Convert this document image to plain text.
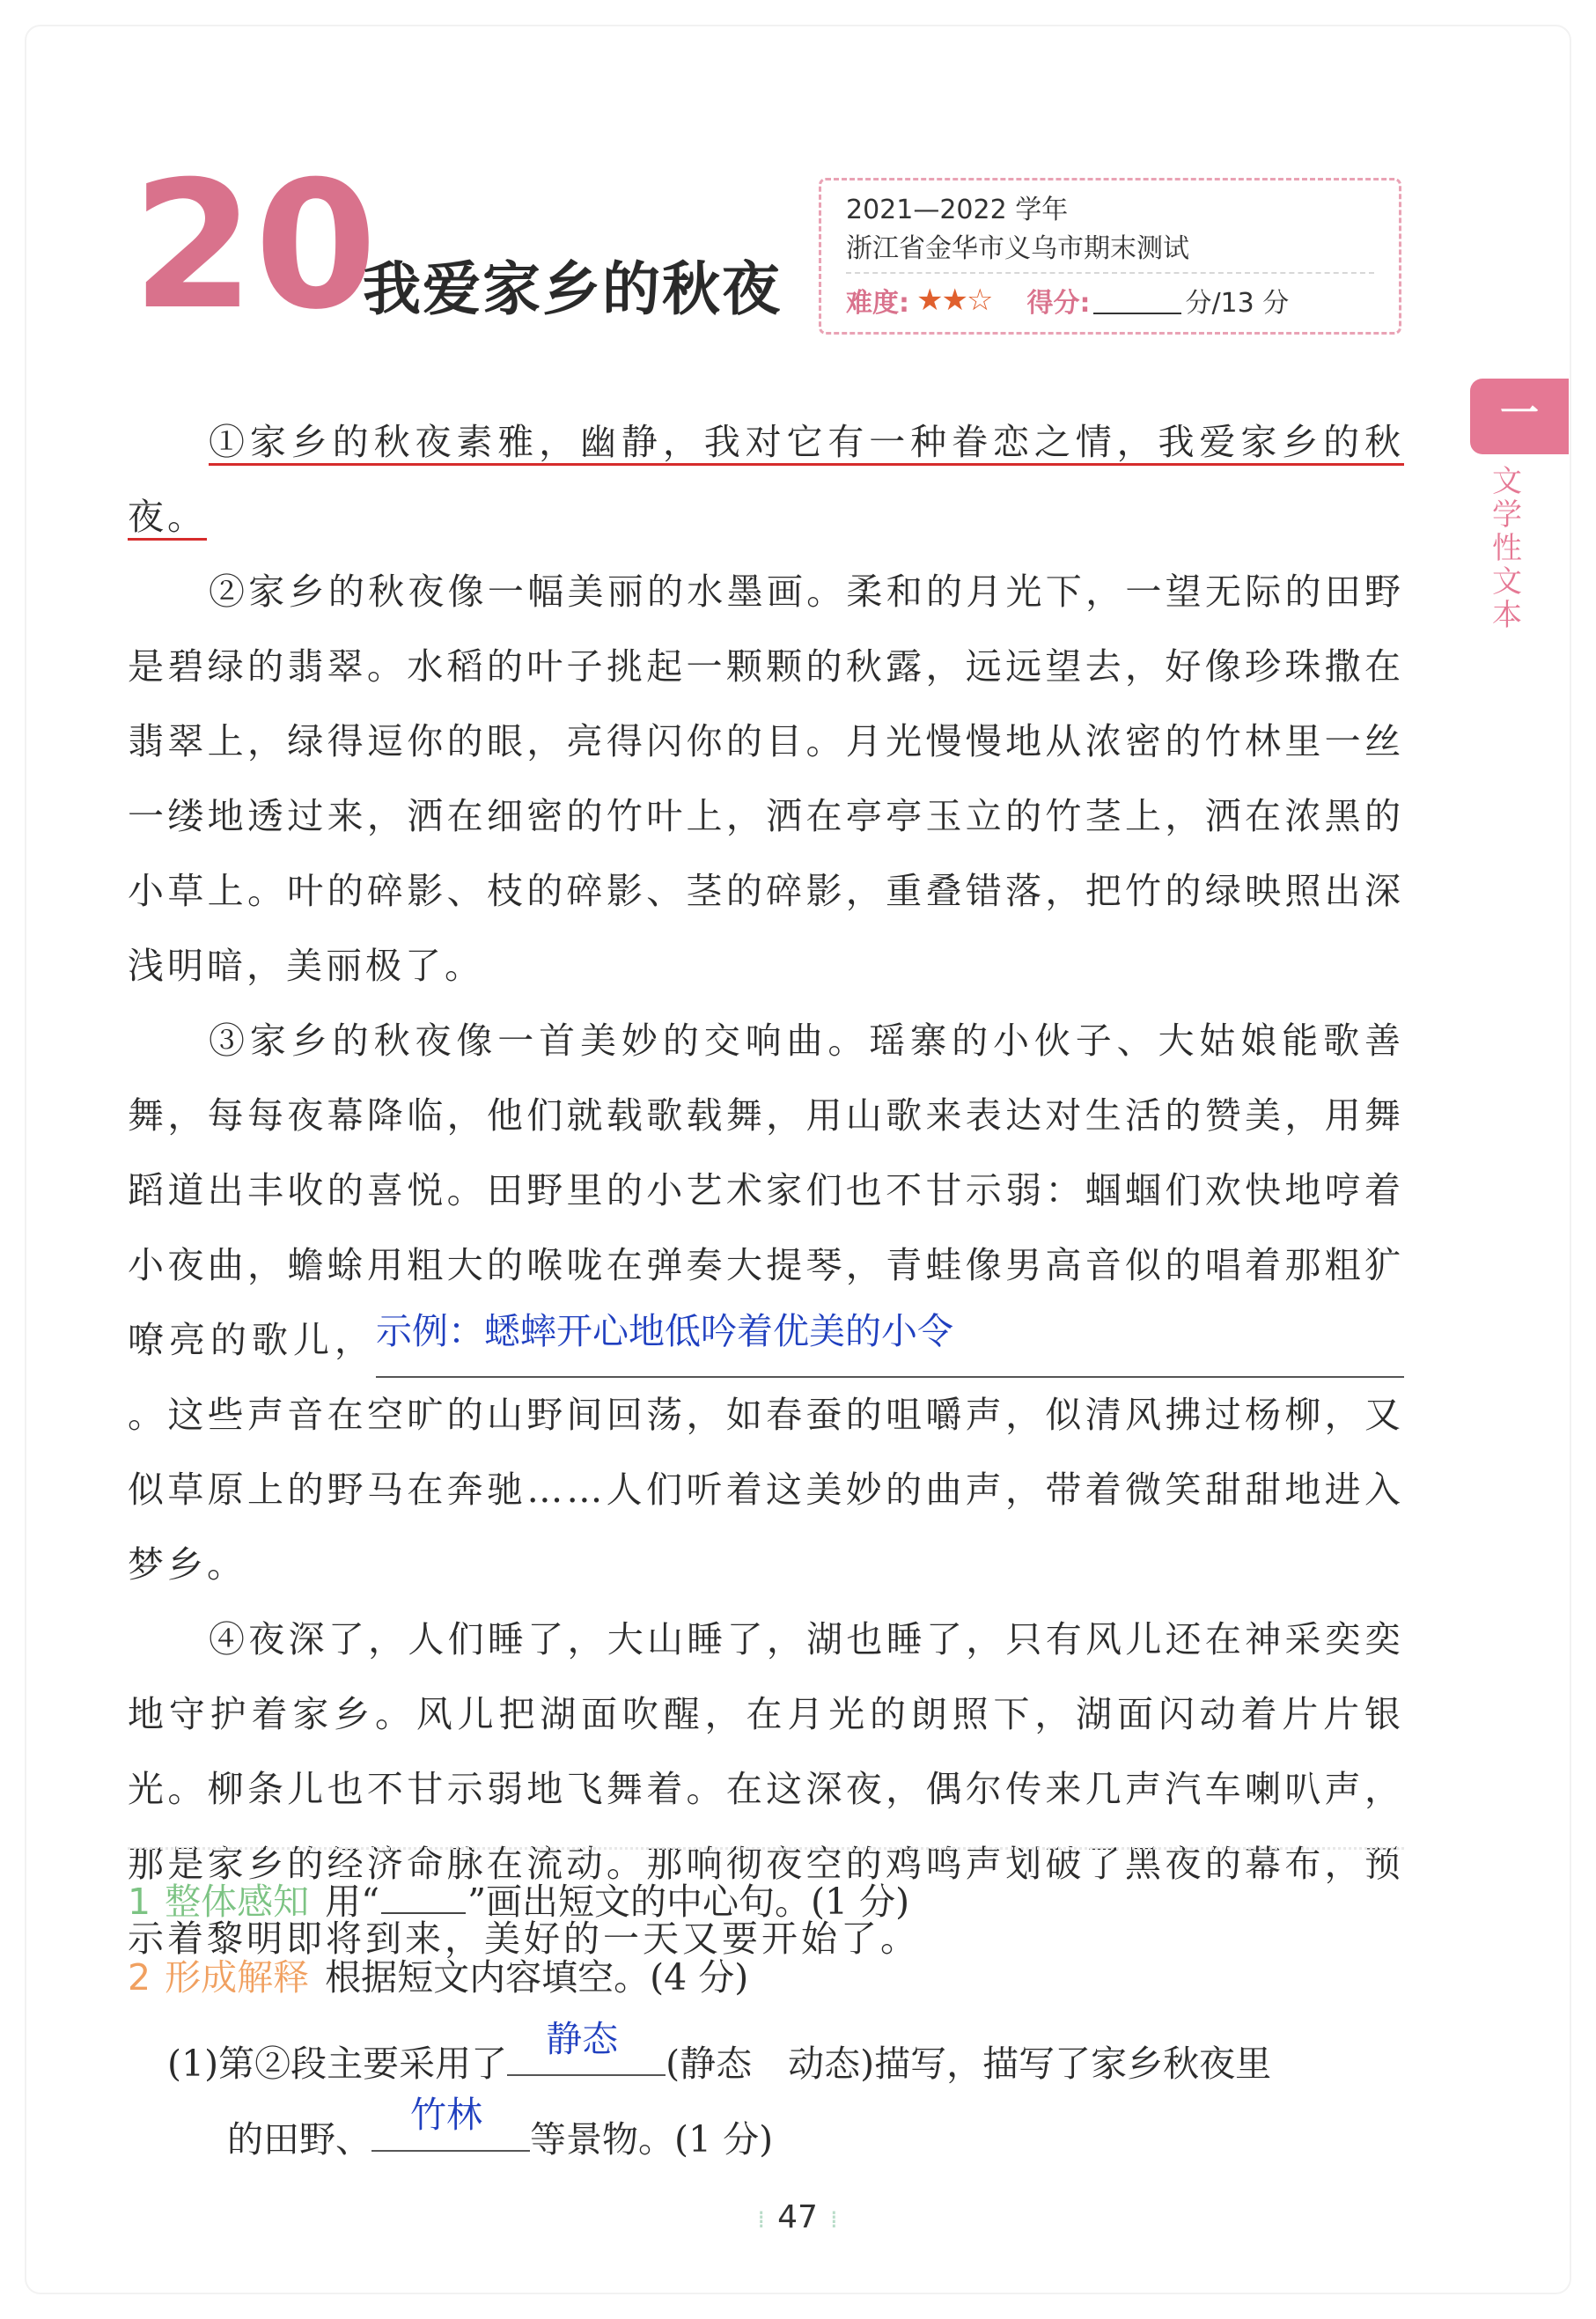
20
我爱家乡的秋夜
2021—2022 学年
浙江省金华市义乌市期末测试
难度: ★★☆ 得分:	分/13 分
一
文学性文本

①家乡的秋夜素雅，幽静，我对它有一种眷恋之情，我爱家乡的秋夜。

②家乡的秋夜像一幅美丽的水墨画。柔和的月光下，一望无际的田野是碧绿的翡翠。水稻的叶子挑起一颗颗的秋露，远远望去，好像珍珠撒在翡翠上，绿得逗你的眼，亮得闪你的目。月光慢慢地从浓密的竹林里一丝一缕地透过来，洒在细密的竹叶上，洒在亭亭玉立的竹茎上，洒在浓黑的小草上。叶的碎影、枝的碎影、茎的碎影，重叠错落，把竹的绿映照出深浅明暗，美丽极了。

③家乡的秋夜像一首美妙的交响曲。瑶寨的小伙子、大姑娘能歌善舞，每每夜幕降临，他们就载歌载舞，用山歌来表达对生活的赞美，用舞蹈道出丰收的喜悦。田野里的小艺术家们也不甘示弱：蝈蝈们欢快地哼着小夜曲，蟾蜍用粗大的喉咙在弹奏大提琴，青蛙像男高音似的唱着那粗犷嘹亮的歌儿， 示例：蟋蟀开心地低吟着优美的小令
。这些声音在空旷的山野间回荡，如春蚕的咀嚼声，似清风拂过杨柳，又似草原上的野马在奔驰……人们听着这美妙的曲声，带着微笑甜甜地进入梦乡。

④夜深了，人们睡了，大山睡了，湖也睡了，只有风儿还在神采奕奕地守护着家乡。风儿把湖面吹醒，在月光的朗照下，湖面闪动着片片银光。柳条儿也不甘示弱地飞舞着。在这深夜，偶尔传来几声汽车喇叭声，那是家乡的经济命脉在流动。那响彻夜空的鸡鸣声划破了黑夜的幕布，预示着黎明即将到来，美好的一天又要开始了。

1 整体感知 用“ ”画出短文的中心句。(1 分)
2 形成解释 根据短文内容填空。(4 分)
(1)第②段主要采用了
静态
(静态　动态)描写，描写了家乡秋夜里
的田野、
竹林
等景物。(1 分)
⁞ 47 ⁞
